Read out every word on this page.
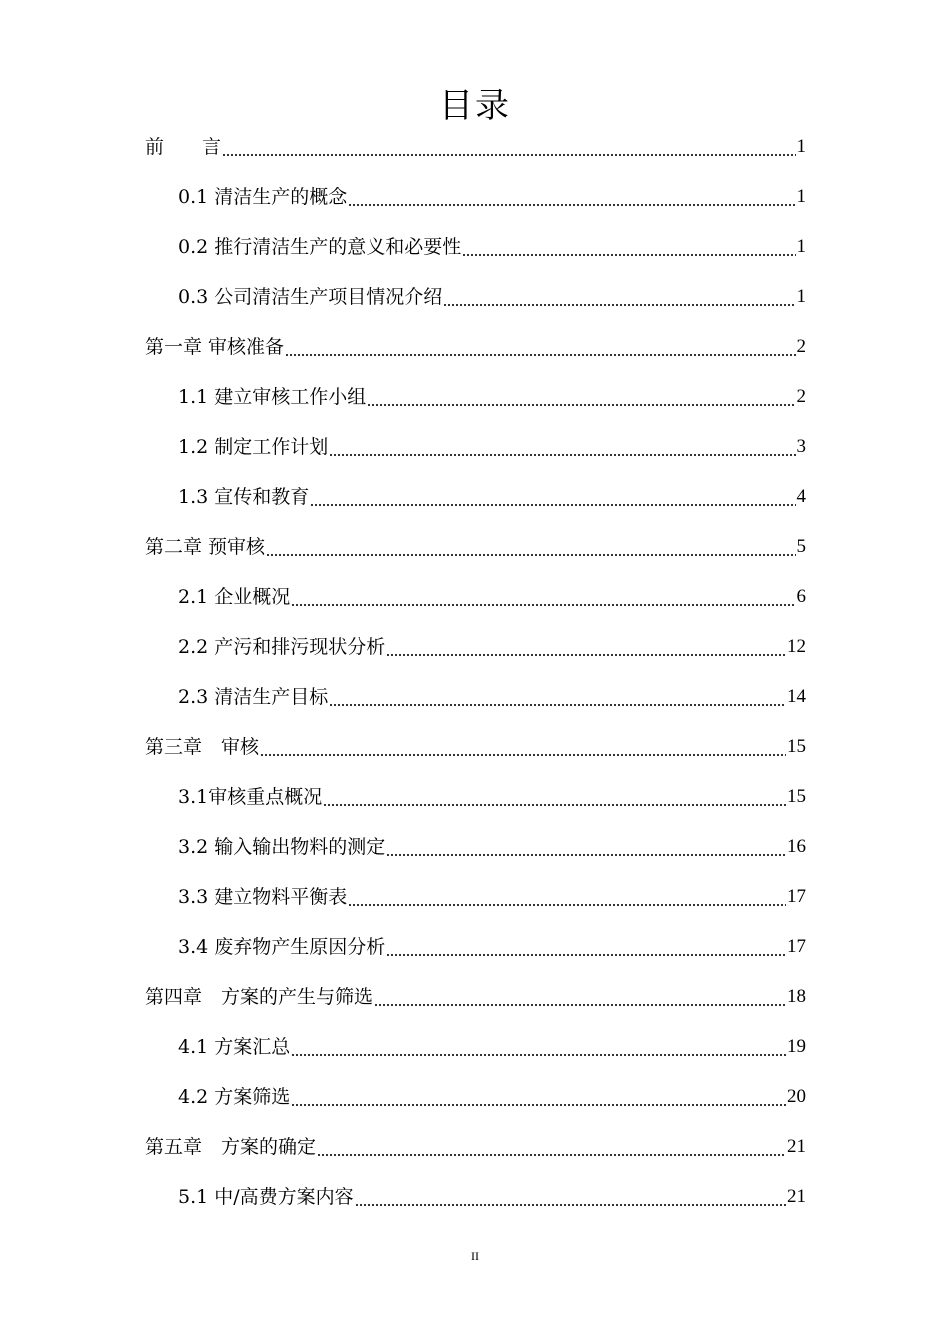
目录
前　　言	1
0.1 清洁生产的概念	1
0.2 推行清洁生产的意义和必要性	1
0.3 公司清洁生产项目情况介绍	1
第一章 审核准备	2
1.1 建立审核工作小组	2
1.2 制定工作计划	3
1.3 宣传和教育	4
第二章 预审核	5
2.1 企业概况	6
2.2 产污和排污现状分析	12
2.3 清洁生产目标	14
第三章　审核	15
3.1审核重点概况	15
3.2 输入输出物料的测定	16
3.3 建立物料平衡表	17
3.4 废弃物产生原因分析	17
第四章　方案的产生与筛选	18
4.1 方案汇总	19
4.2 方案筛选	20
第五章　方案的确定	21
5.1 中/高费方案内容	21
II
